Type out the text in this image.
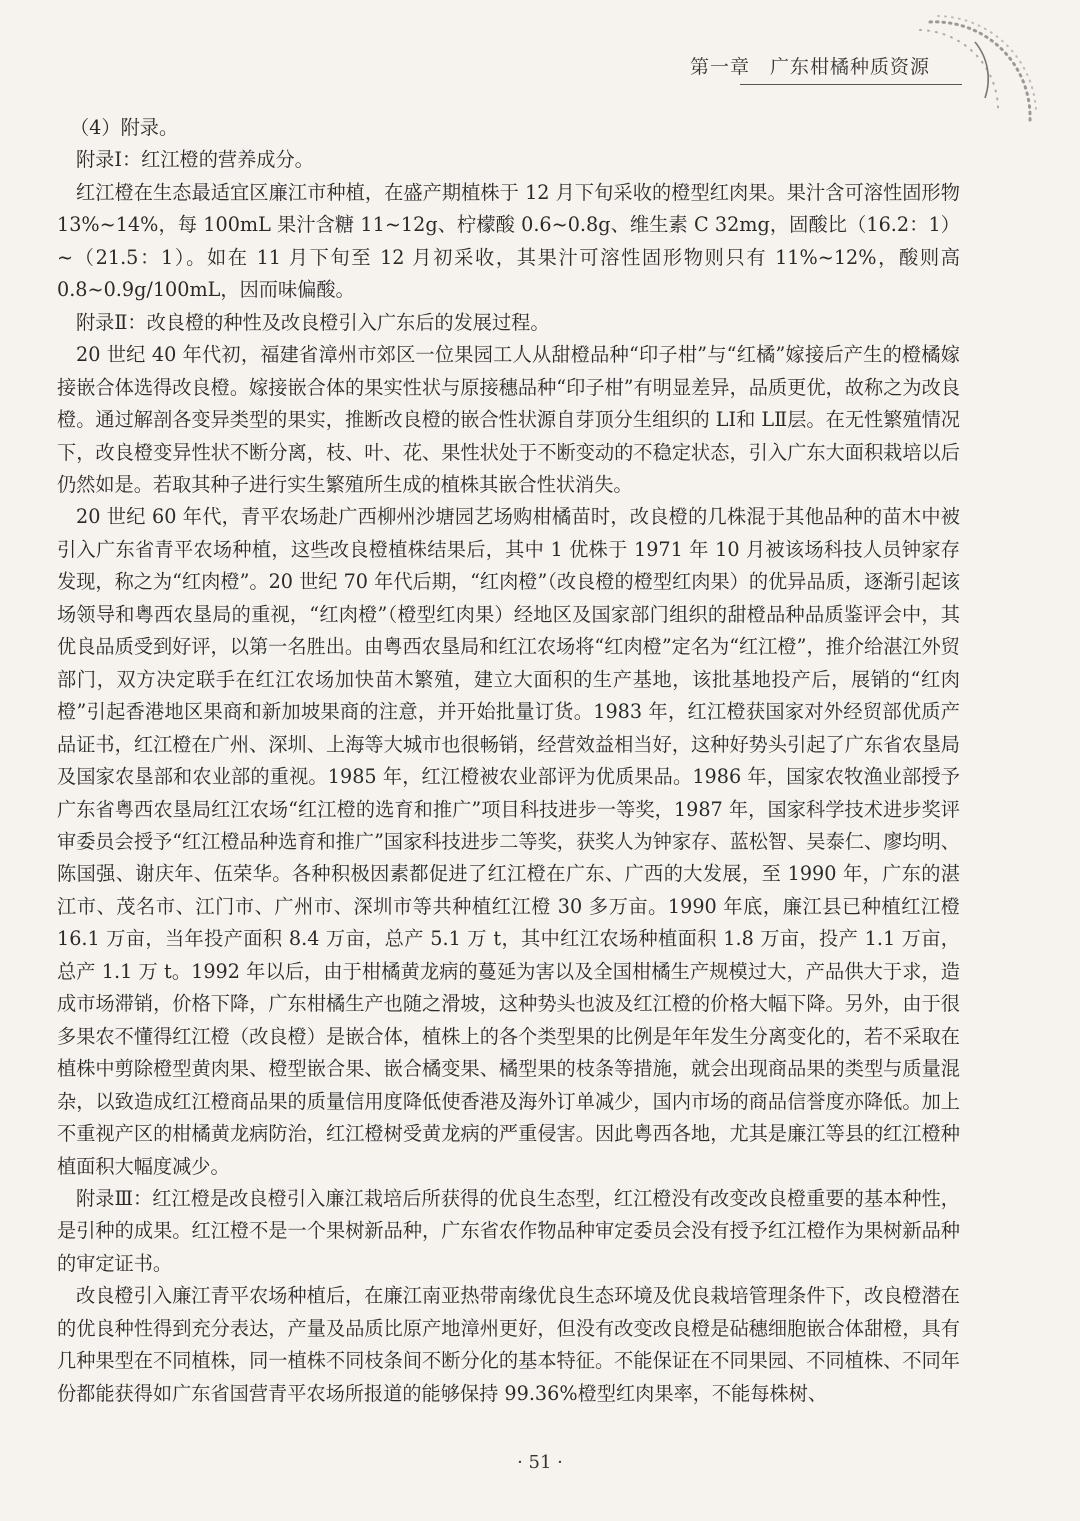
第一章　广东柑橘种质资源

（4）附录。

附录Ⅰ：红江橙的营养成分。

红江橙在生态最适宜区廉江市种植，在盛产期植株于 12 月下旬采收的橙型红肉果。果汁含可溶性固形物 13%~14%，每 100mL 果汁含糖 11~12g、柠檬酸 0.6~0.8g、维生素 C 32mg，固酸比（16.2：1）~（21.5：1）。如在 11 月下旬至 12 月初采收，其果汁可溶性固形物则只有 11%~12%，酸则高 0.8~0.9g/100mL，因而味偏酸。

附录Ⅱ：改良橙的种性及改良橙引入广东后的发展过程。

20 世纪 40 年代初，福建省漳州市郊区一位果园工人从甜橙品种“印子柑”与“红橘”嫁接后产生的橙橘嫁接嵌合体选得改良橙。嫁接嵌合体的果实性状与原接穗品种“印子柑”有明显差异，品质更优，故称之为改良橙。通过解剖各变异类型的果实，推断改良橙的嵌合性状源自芽顶分生组织的 LⅠ和 LⅡ层。在无性繁殖情况下，改良橙变异性状不断分离，枝、叶、花、果性状处于不断变动的不稳定状态，引入广东大面积栽培以后仍然如是。若取其种子进行实生繁殖所生成的植株其嵌合性状消失。

20 世纪 60 年代，青平农场赴广西柳州沙塘园艺场购柑橘苗时，改良橙的几株混于其他品种的苗木中被引入广东省青平农场种植，这些改良橙植株结果后，其中 1 优株于 1971 年 10 月被该场科技人员钟家存发现，称之为“红肉橙”。20 世纪 70 年代后期，“红肉橙”（改良橙的橙型红肉果）的优异品质，逐渐引起该场领导和粤西农垦局的重视，“红肉橙”（橙型红肉果）经地区及国家部门组织的甜橙品种品质鉴评会中，其优良品质受到好评，以第一名胜出。由粤西农垦局和红江农场将“红肉橙”定名为“红江橙”，推介给湛江外贸部门，双方决定联手在红江农场加快苗木繁殖，建立大面积的生产基地，该批基地投产后，展销的“红肉橙”引起香港地区果商和新加坡果商的注意，并开始批量订货。1983 年，红江橙获国家对外经贸部优质产品证书，红江橙在广州、深圳、上海等大城市也很畅销，经营效益相当好，这种好势头引起了广东省农垦局及国家农垦部和农业部的重视。1985 年，红江橙被农业部评为优质果品。1986 年，国家农牧渔业部授予广东省粤西农垦局红江农场“红江橙的选育和推广”项目科技进步一等奖，1987 年，国家科学技术进步奖评审委员会授予“红江橙品种选育和推广”国家科技进步二等奖，获奖人为钟家存、蓝松智、吴泰仁、廖均明、陈国强、谢庆年、伍荣华。各种积极因素都促进了红江橙在广东、广西的大发展，至 1990 年，广东的湛江市、茂名市、江门市、广州市、深圳市等共种植红江橙 30 多万亩。1990 年底，廉江县已种植红江橙 16.1 万亩，当年投产面积 8.4 万亩，总产 5.1 万 t，其中红江农场种植面积 1.8 万亩，投产 1.1 万亩，总产 1.1 万 t。1992 年以后，由于柑橘黄龙病的蔓延为害以及全国柑橘生产规模过大，产品供大于求，造成市场滞销，价格下降，广东柑橘生产也随之滑坡，这种势头也波及红江橙的价格大幅下降。另外，由于很多果农不懂得红江橙（改良橙）是嵌合体，植株上的各个类型果的比例是年年发生分离变化的，若不采取在植株中剪除橙型黄肉果、橙型嵌合果、嵌合橘变果、橘型果的枝条等措施，就会出现商品果的类型与质量混杂，以致造成红江橙商品果的质量信用度降低使香港及海外订单减少，国内市场的商品信誉度亦降低。加上不重视产区的柑橘黄龙病防治，红江橙树受黄龙病的严重侵害。因此粤西各地，尤其是廉江等县的红江橙种植面积大幅度减少。

附录Ⅲ：红江橙是改良橙引入廉江栽培后所获得的优良生态型，红江橙没有改变改良橙重要的基本种性，是引种的成果。红江橙不是一个果树新品种，广东省农作物品种审定委员会没有授予红江橙作为果树新品种的审定证书。

改良橙引入廉江青平农场种植后，在廉江南亚热带南缘优良生态环境及优良栽培管理条件下，改良橙潜在的优良种性得到充分表达，产量及品质比原产地漳州更好，但没有改变改良橙是砧穗细胞嵌合体甜橙，具有几种果型在不同植株，同一植株不同枝条间不断分化的基本特征。不能保证在不同果园、不同植株、不同年份都能获得如广东省国营青平农场所报道的能够保持 99.36%橙型红肉果率，不能每株树、

· 51 ·
